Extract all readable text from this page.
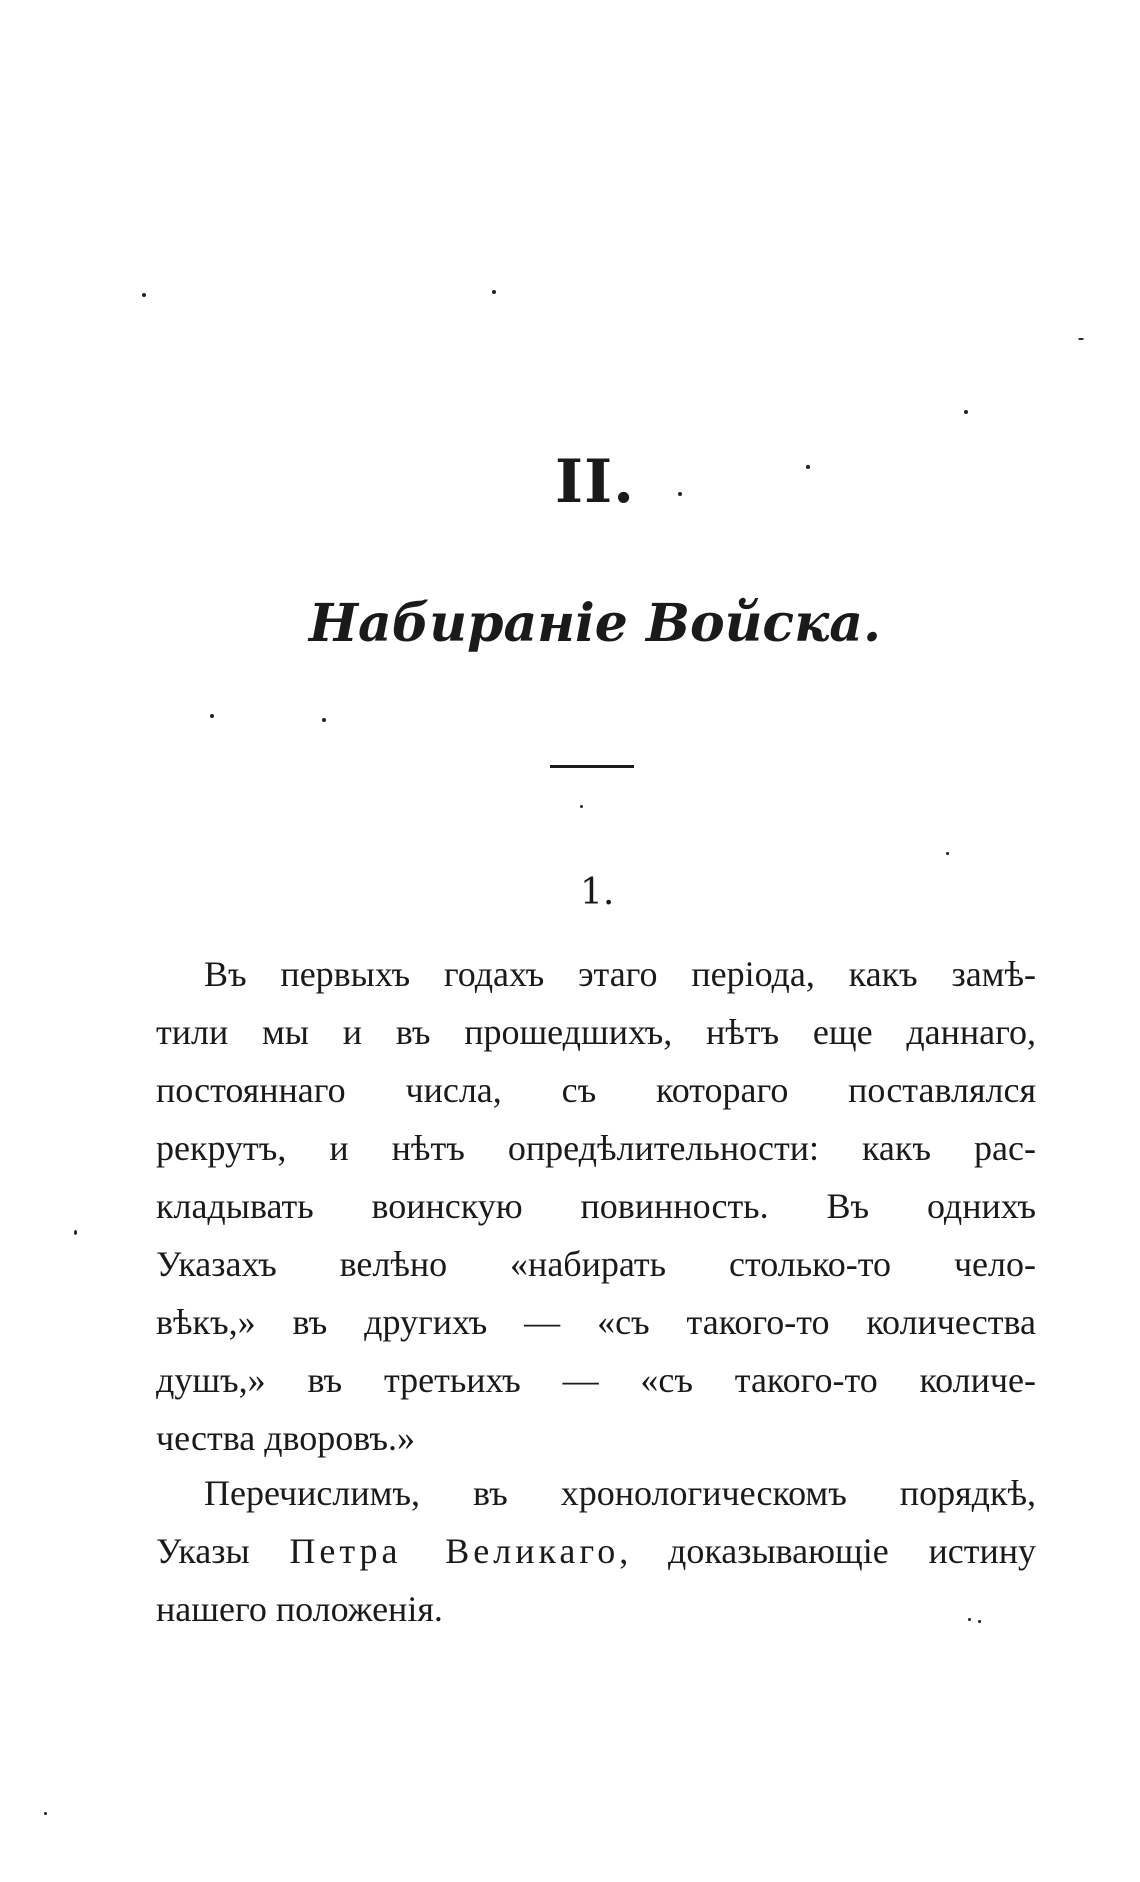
II.
Набиранiе Войска.
1.
Въ первыхъ годахъ этаго перiода, какъ замѣ-
тили мы и въ прошедшихъ, нѣтъ еще даннаго,
постояннаго числа, съ котораго поставлялся
рекрутъ, и нѣтъ опредѣлительности: какъ рас-
кладывать воинскую повинность. Въ однихъ
Указахъ велѣно «набирать столько-то чело-
вѣкъ,» въ другихъ — «съ такого-то количества
душъ,» въ третьихъ — «съ такого-то количе-
чества дворовъ.»
Перечислимъ, въ хронологическомъ порядкѣ,
Указы Петра Великаго, доказывающiе истину
нашего положенiя.
